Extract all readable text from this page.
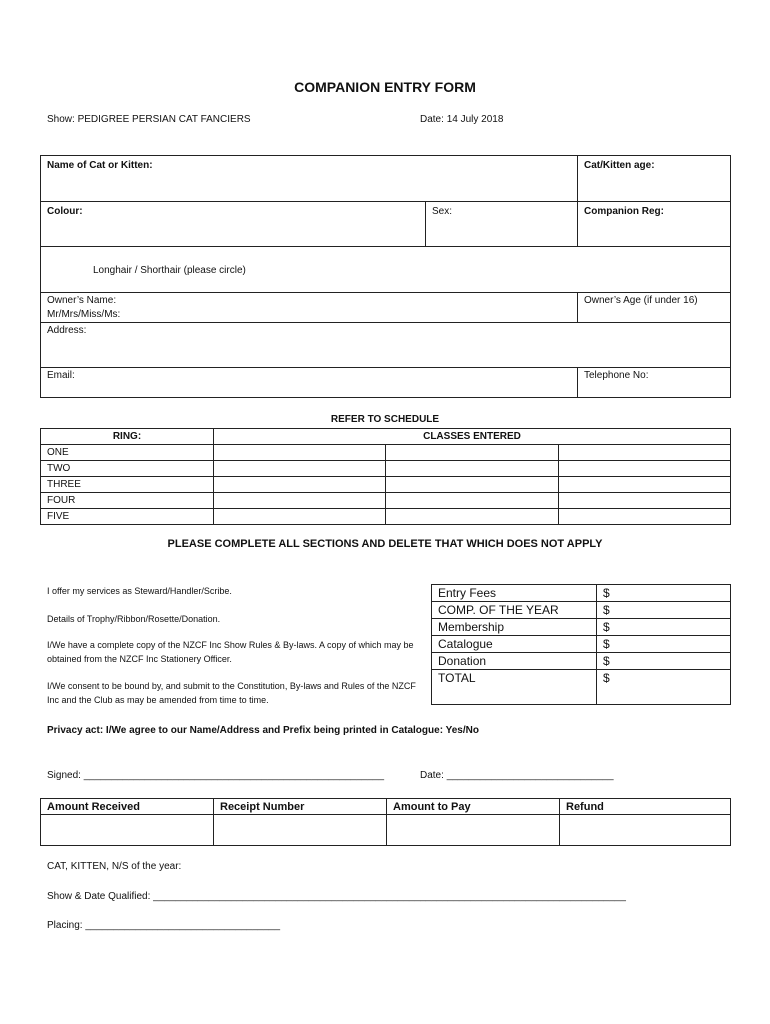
COMPANION ENTRY FORM
Show: PEDIGREE PERSIAN CAT FANCIERS	Date: 14 July 2018
Name of Cat or Kitten:	Cat/Kitten age:
Colour:	Sex:	Companion Reg:
Longhair / Shorthair (please circle)
Owner’s Name:
Mr/Mrs/Miss/Ms:
Owner’s Age (if under 16)
Address:
Email:	Telephone No:
REFER TO SCHEDULE
RING:	CLASSES ENTERED		
ONE			
TWO			
THREE			
FOUR			
FIVE			
PLEASE COMPLETE ALL SECTIONS AND DELETE THAT WHICH DOES NOT APPLY
I offer my services as Steward/Handler/Scribe.
Details of Trophy/Ribbon/Rosette/Donation.
I/We have a complete copy of the NZCF Inc Show Rules & By-laws. A copy of which may be obtained from the NZCF Inc Stationery Officer.
I/We consent to be bound by, and submit to the Constitution, By-laws and Rules of the NZCF Inc and the Club as may be amended from time to time.
Entry Fees	$
COMP. OF THE YEAR	$
Membership	$
Catalogue	$
Donation	$
TOTAL	$
Privacy act: I/We agree to our Name/Address and Prefix being printed in Catalogue: Yes/No
Signed: ______________________________________________________	Date: ______________________________
Amount Received	Receipt Number	Amount to Pay	Refund

CAT, KITTEN, N/S of the year:
Show & Date Qualified: _____________________________________________________________________________________
Placing: ___________________________________
